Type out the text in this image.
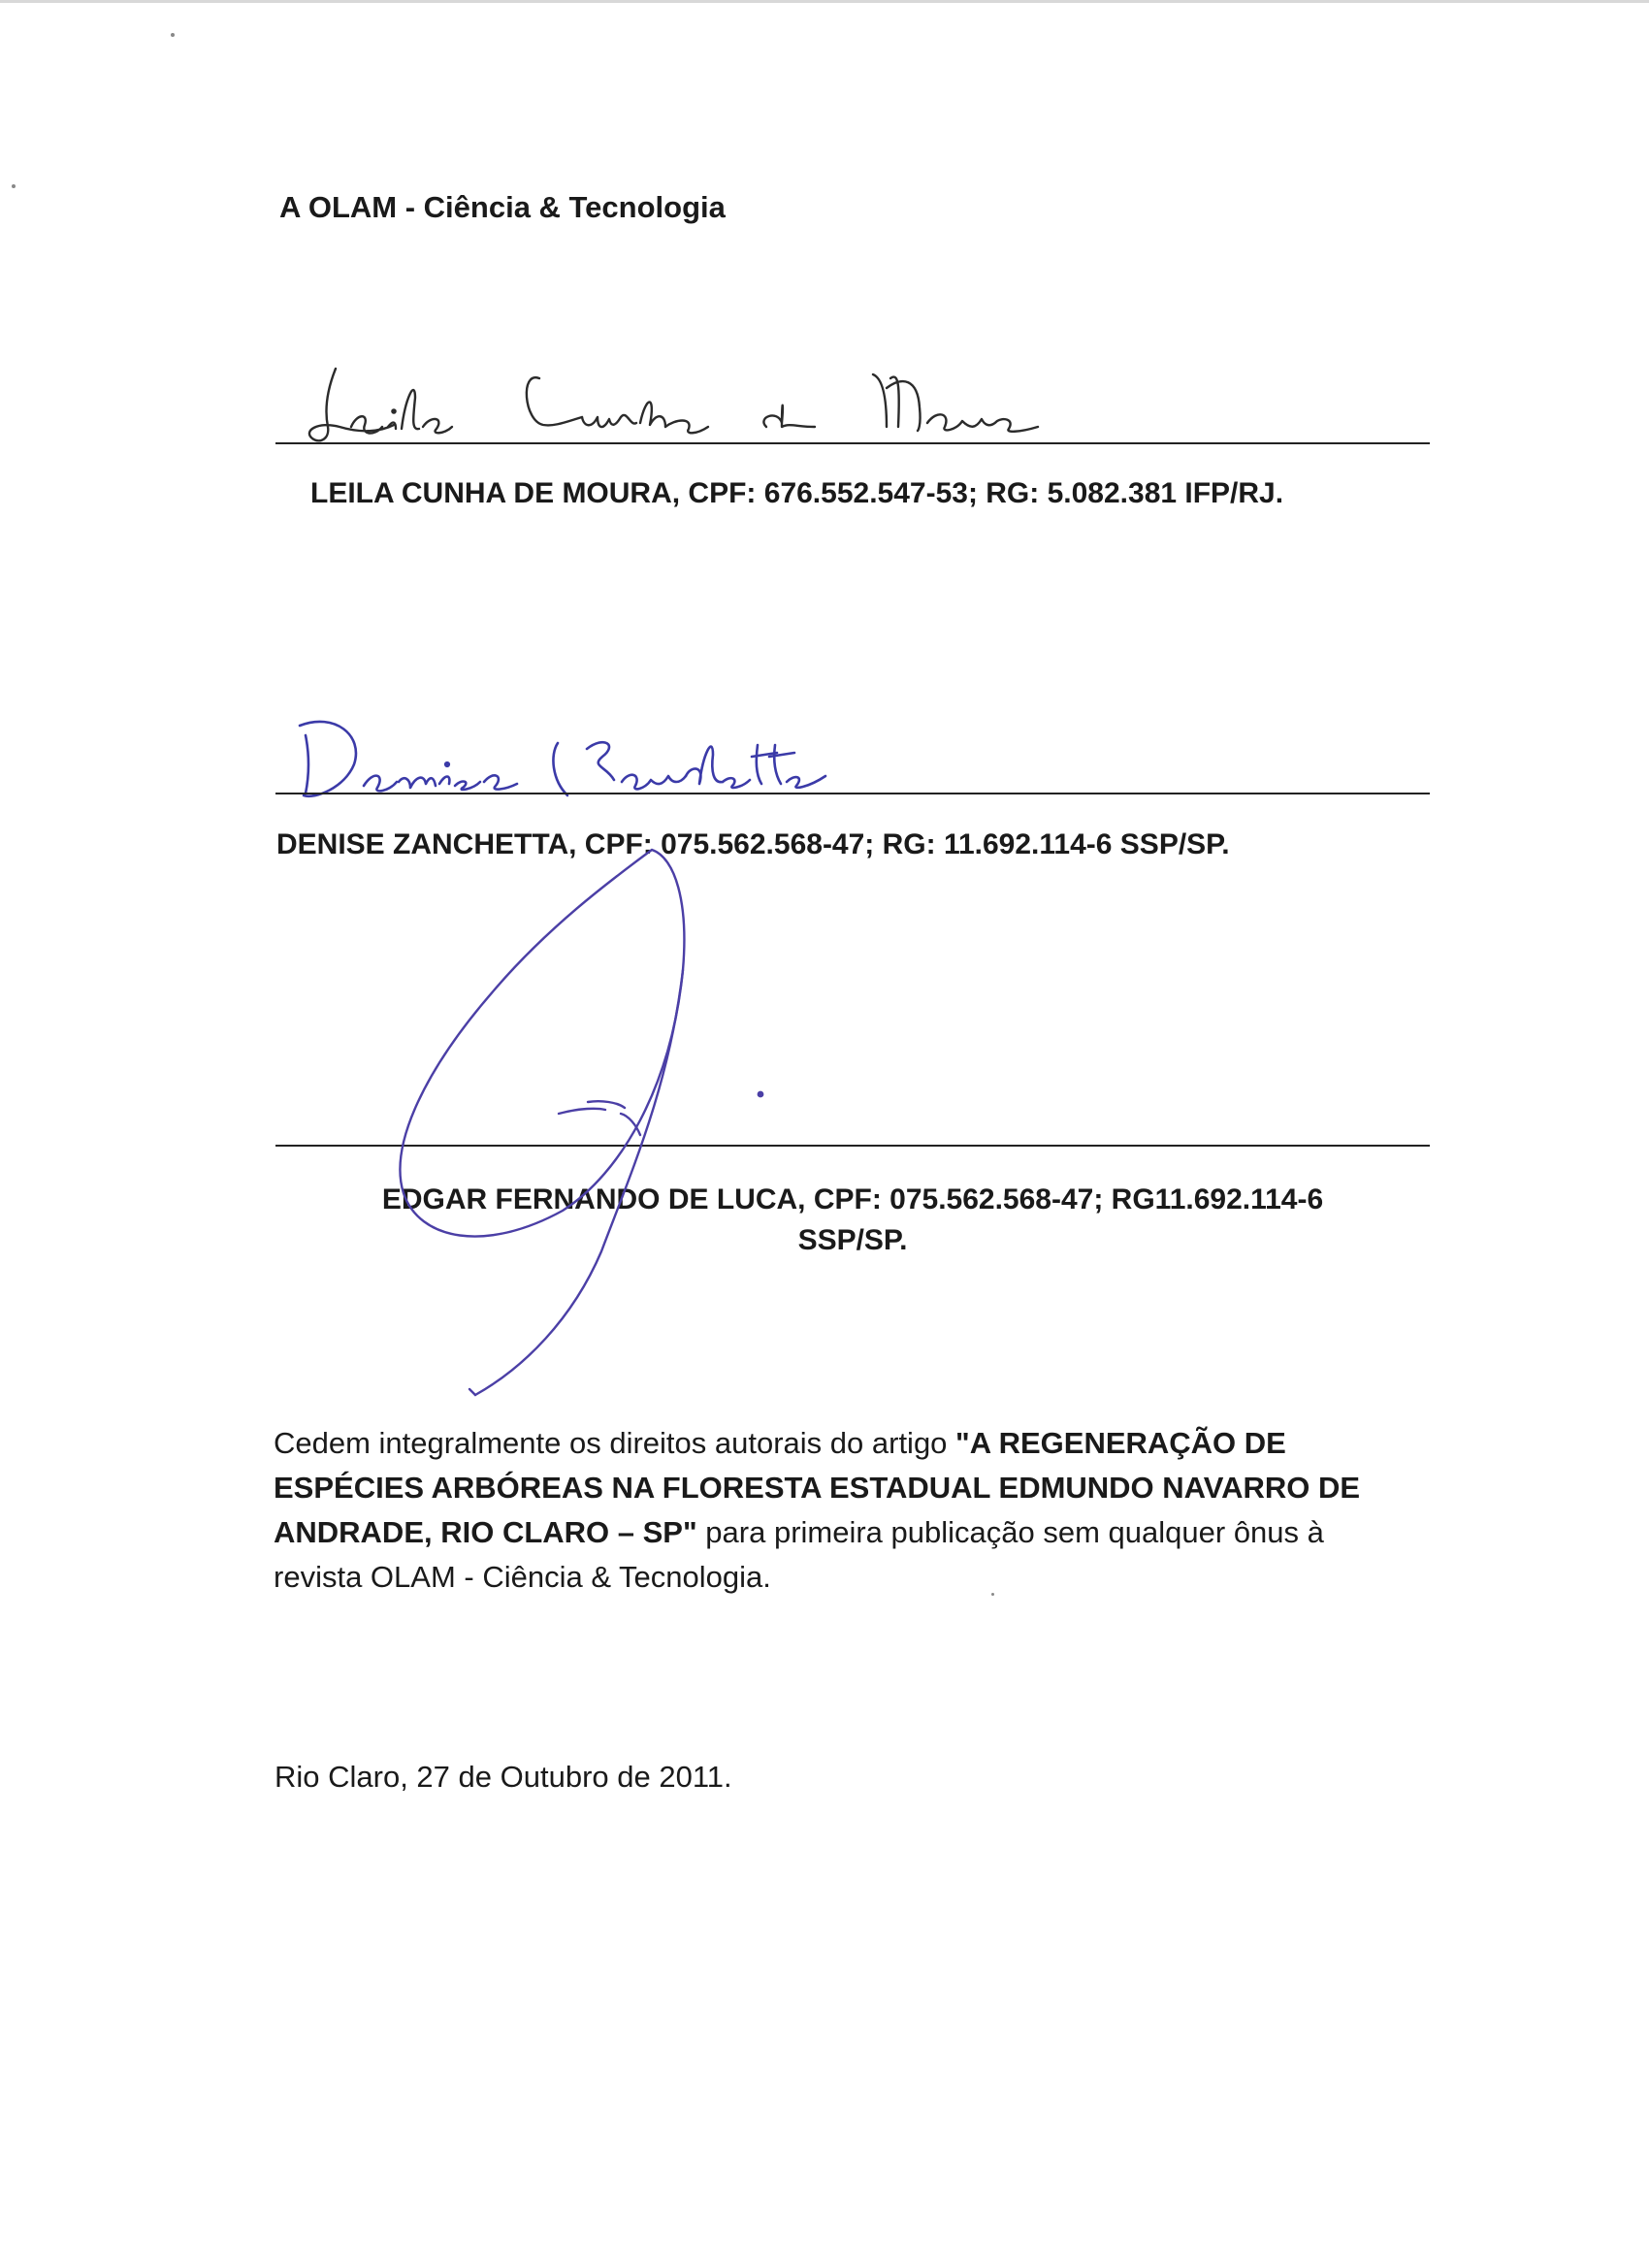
A OLAM - Ciência & Tecnologia
LEILA CUNHA DE MOURA, CPF: 676.552.547-53; RG: 5.082.381 IFP/RJ.
DENISE ZANCHETTA, CPF: 075.562.568-47; RG: 11.692.114-6 SSP/SP.
EDGAR FERNANDO DE LUCA, CPF: 075.562.568-47; RG11.692.114-6
SSP/SP.
Cedem integralmente os direitos autorais do artigo "A REGENERAÇÃO DE ESPÉCIES ARBÓREAS NA FLORESTA ESTADUAL EDMUNDO NAVARRO DE ANDRADE, RIO CLARO – SP" para primeira publicação sem qualquer ônus à revista OLAM - Ciência & Tecnologia.
Rio Claro, 27 de Outubro de 2011.
